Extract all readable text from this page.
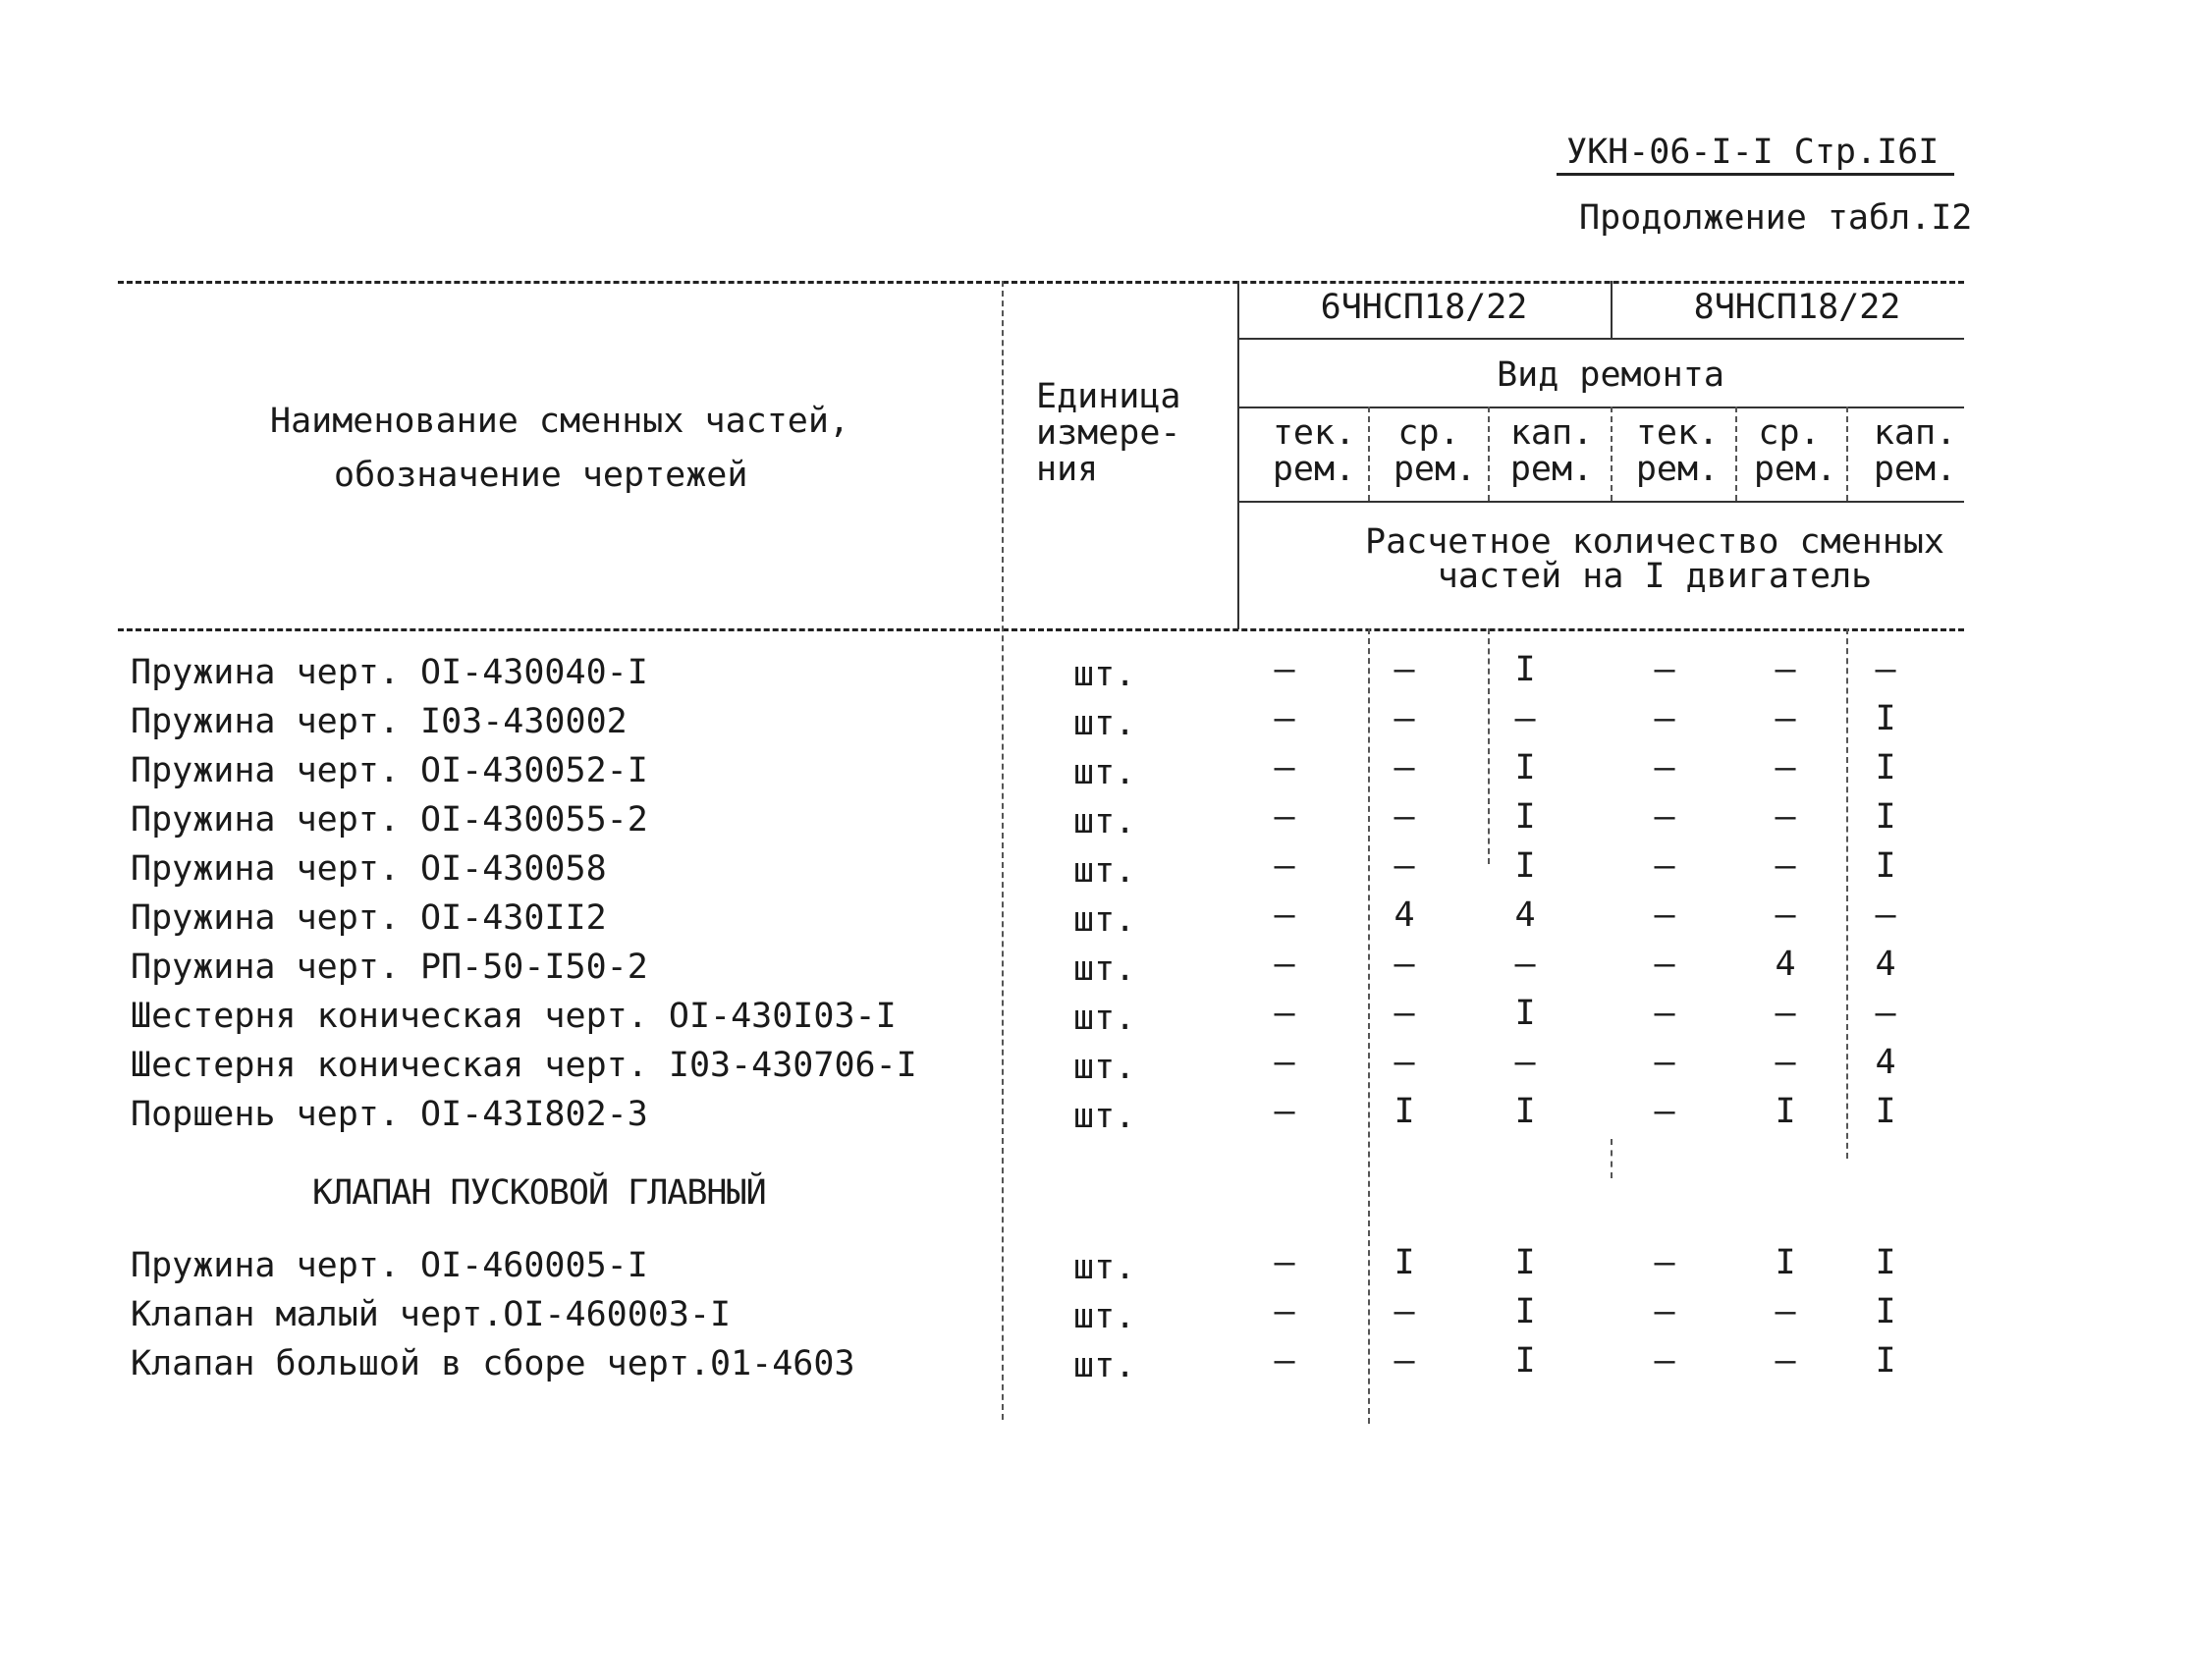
УКН-06-I-I Стр.I6I
Продолжение табл.I2
Наименование сменных частей,
обозначение чертежей
Единица
измере-
ния
6ЧНСП18/22	8ЧНСП18/22
Вид ремонта
тек.
рем.
ср.
рем.
кап.
рем.
тек.
рем.
ср.
рем.
кап.
рем.
Расчетное количество сменных
частей на I двигатель
Пружина черт. OI-430040-I	шт.	–	–	I	–	– –
Пружина черт. I03-430002	шт.	–	–	–	–	– I
Пружина черт. OI-430052-I	шт.	–	–	I	–	– I
Пружина черт. OI-430055-2	шт.	–	–	I	–	– I
Пружина черт. OI-430058	шт.	–	–	I	–	– I
Пружина черт. OI-430II2	шт.	–	4	4	–	– –
Пружина черт. РП-50-I50-2	шт.	–	–	–	–	4 4
Шестерня коническая черт. OI-430I03-I	шт.	–	–	I	–	– –
Шестерня коническая черт. I03-430706-I	шт.	–	–	–	–	– 4
Поршень черт. OI-43I802-3	шт.	–	I	I	–	I I
КЛАПАН ПУСКОВОЙ ГЛАВНЫЙ
Пружина черт. OI-460005-I	шт.	–	I	I	–	I I
Клапан малый черт.OI-460003-I	шт.	–	–	I	–	– I
Клапан большой в сборе черт.01-4603	шт.	–	–	I	–	– I
